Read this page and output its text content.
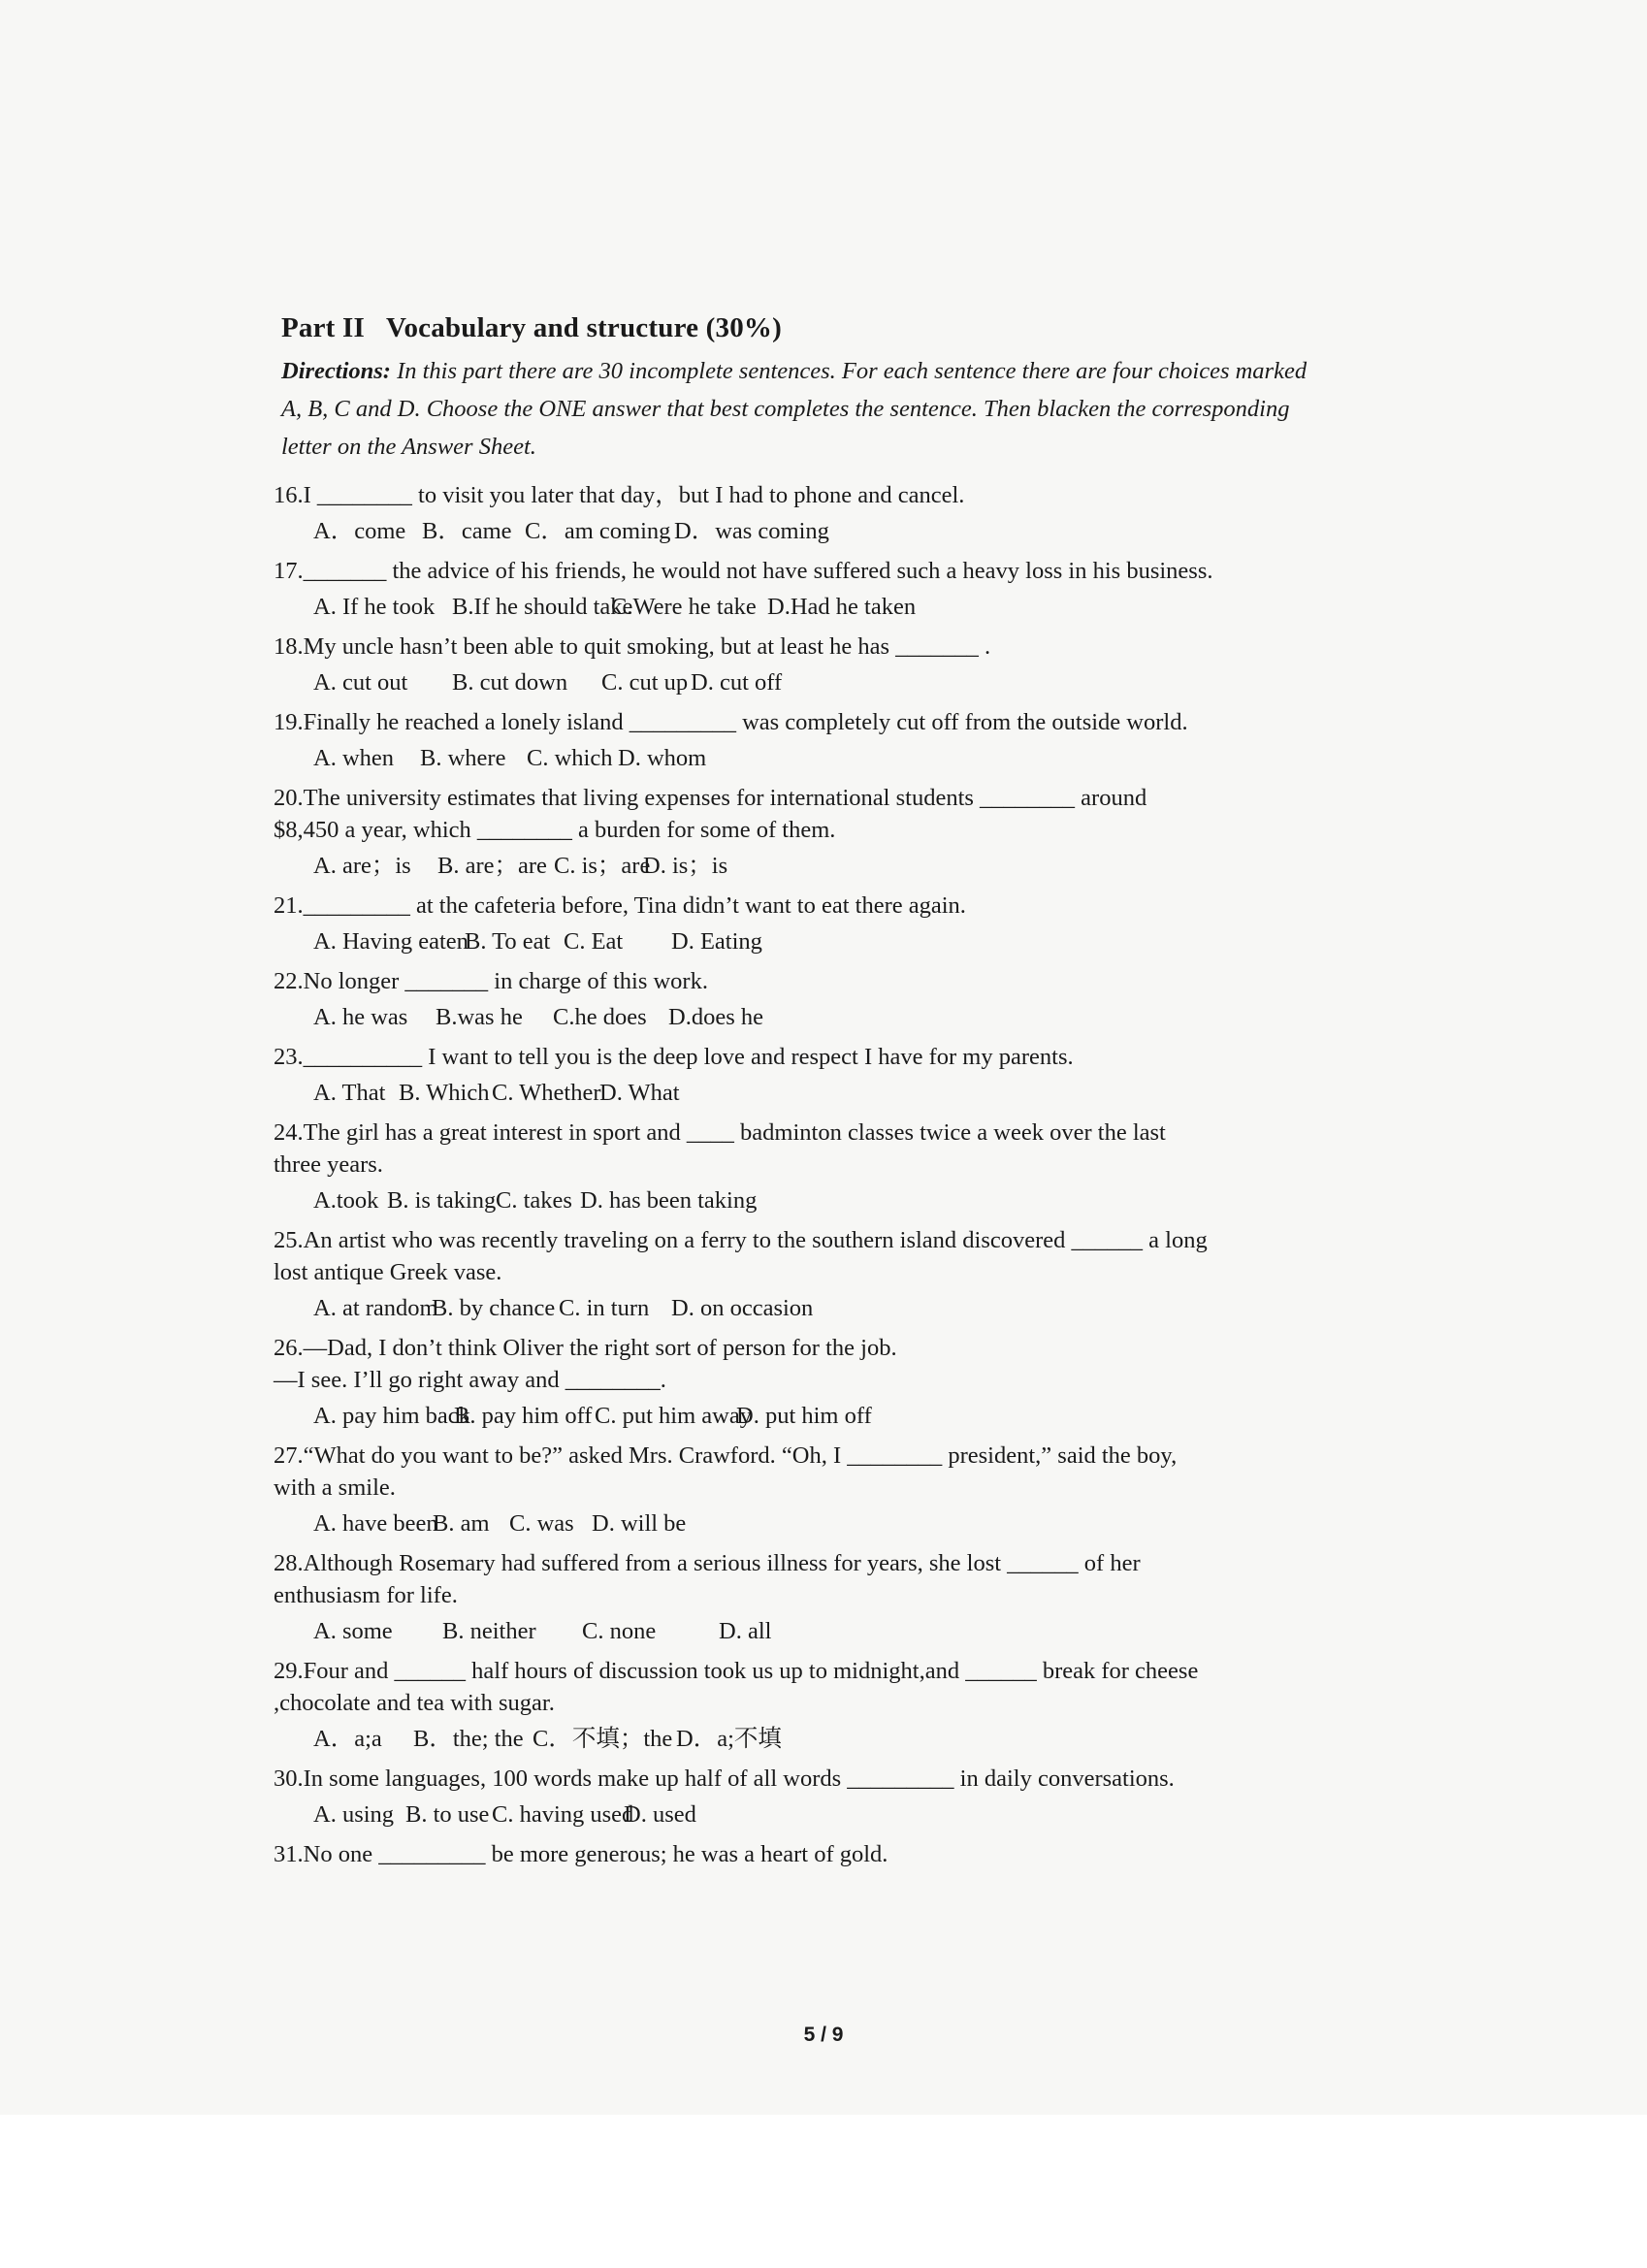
Part II Vocabulary and structure (30%)
Directions: In this part there are 30 incomplete sentences. For each sentence there are four choices marked A, B, C and D. Choose the ONE answer that best completes the sentence. Then blacken the corresponding letter on the Answer Sheet.
16.I ________ to visit you later that day，but I had to phone and cancel.
A．come B．came C．am coming D．was coming
17._______ the advice of his friends, he would not have suffered such a heavy loss in his business.
A. If he took B.If he should take
C.Were he take D.Had he taken
18.My uncle hasn’t been able to quit smoking, but at least he has _______ .
A. cut out	B. cut down	C. cut up D. cut off
19.Finally he reached a lonely island _________ was completely cut off from the outside world.
A. when	B. where C. which D. whom
20.The university estimates that living expenses for international students ________ around
$8,450 a year, which ________ a burden for some of them.
A. are；is	B. are；are C. is；are
D. is；is
21._________ at the cafeteria before, Tina didn’t want to eat there again.
A. Having eaten
B. To eat C. Eat	D. Eating
22.No longer _______ in charge of this work.
A. he was	B.was he	C.he does D.does he
23.__________ I want to tell you is the deep love and respect I have for my parents.
A. That B. Which C. Whether
D. What
24.The girl has a great interest in sport and ____ badminton classes twice a week over the last
three years.
A.took B. is taking C. takes D. has been taking
25.An artist who was recently traveling on a ferry to the southern island discovered ______ a long
lost antique Greek vase.
A. at random
B. by chance C. in turn D. on occasion
26.—Dad, I don’t think Oliver the right sort of person for the job.
—I see. I’ll go right away and ________.
A. pay him back
B. pay him off C. put him away
D. put him off
27.“What do you want to be?” asked Mrs. Crawford. “Oh, I ________ president,” said the boy,
with a smile.
A. have been
B. am C. was D. will be
28.Although Rosemary had suffered from a serious illness for years, she lost ______ of her
enthusiasm for life.
A. some	B. neither	C. none	D. all
29.Four and ______ half hours of discussion took us up to midnight,and ______ break for cheese
,chocolate and tea with sugar.
A．a;a	B．the; the C．不填；the D．a;不填
30.In some languages, 100 words make up half of all words _________ in daily conversations.
A. using B. to use C. having used
D. used
31.No one _________ be more generous; he was a heart of gold.
5 / 9
